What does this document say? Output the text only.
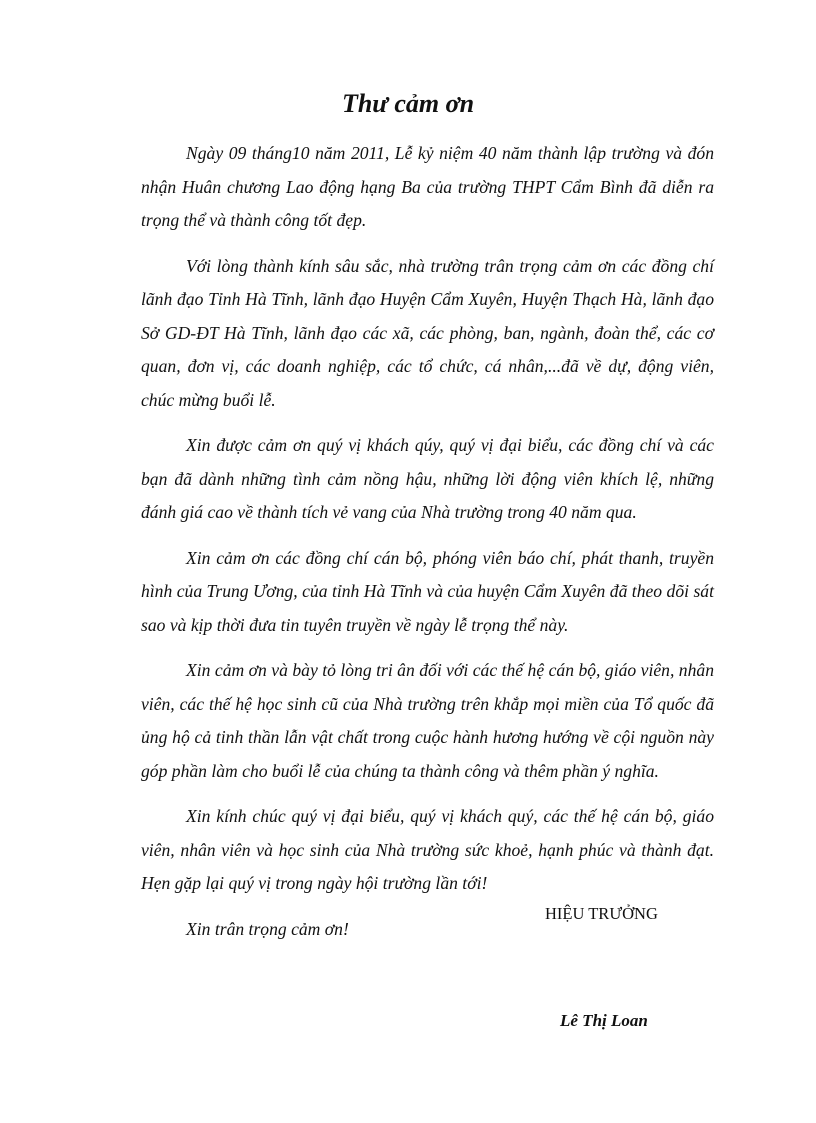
Thư cảm ơn

Ngày 09 tháng10 năm 2011, Lễ kỷ niệm 40 năm thành lập trường và đón nhận Huân chương Lao động hạng Ba của trường THPT Cẩm Bình đã diễn ra trọng thể và thành công tốt đẹp.

Với lòng thành kính sâu sắc, nhà trường trân trọng cảm ơn các đồng chí lãnh đạo Tỉnh Hà Tĩnh, lãnh đạo Huyện Cẩm Xuyên, Huyện Thạch Hà, lãnh đạo Sở GD-ĐT Hà Tĩnh, lãnh đạo các xã, các phòng, ban, ngành, đoàn thể, các cơ quan, đơn vị, các doanh nghiệp, các tổ chức, cá nhân,...đã về dự, động viên, chúc mừng buổi lễ.

Xin được cảm ơn quý vị khách qúy, quý vị đại biểu, các đồng chí và các bạn đã dành những tình cảm nồng hậu, những lời động viên khích lệ, những đánh giá cao về thành tích vẻ vang của Nhà trường trong 40 năm qua.

Xin cảm ơn các đồng chí cán bộ, phóng viên báo chí, phát thanh, truyền hình của Trung Ương, của tỉnh Hà Tĩnh và của huyện Cẩm Xuyên đã theo dõi sát sao và kịp thời đưa tin tuyên truyền về ngày lễ trọng thể này.

Xin cảm ơn và bày tỏ lòng tri ân đối với các thế hệ cán bộ, giáo viên, nhân viên, các thế hệ học sinh cũ của Nhà trường trên khắp mọi miền của Tổ quốc đã ủng hộ cả tinh thần lẫn vật chất trong cuộc hành hương hướng về cội nguồn này góp phần làm cho buổi lễ của chúng ta thành công và thêm phần ý nghĩa.

Xin kính chúc quý vị đại biểu, quý vị khách quý, các thế hệ cán bộ, giáo viên, nhân viên và học sinh của Nhà trường sức khoẻ, hạnh phúc và thành đạt. Hẹn gặp lại quý vị trong ngày hội trường lần tới!

Xin trân trọng cảm ơn!

HIỆU TRƯỞNG

Lê Thị Loan
